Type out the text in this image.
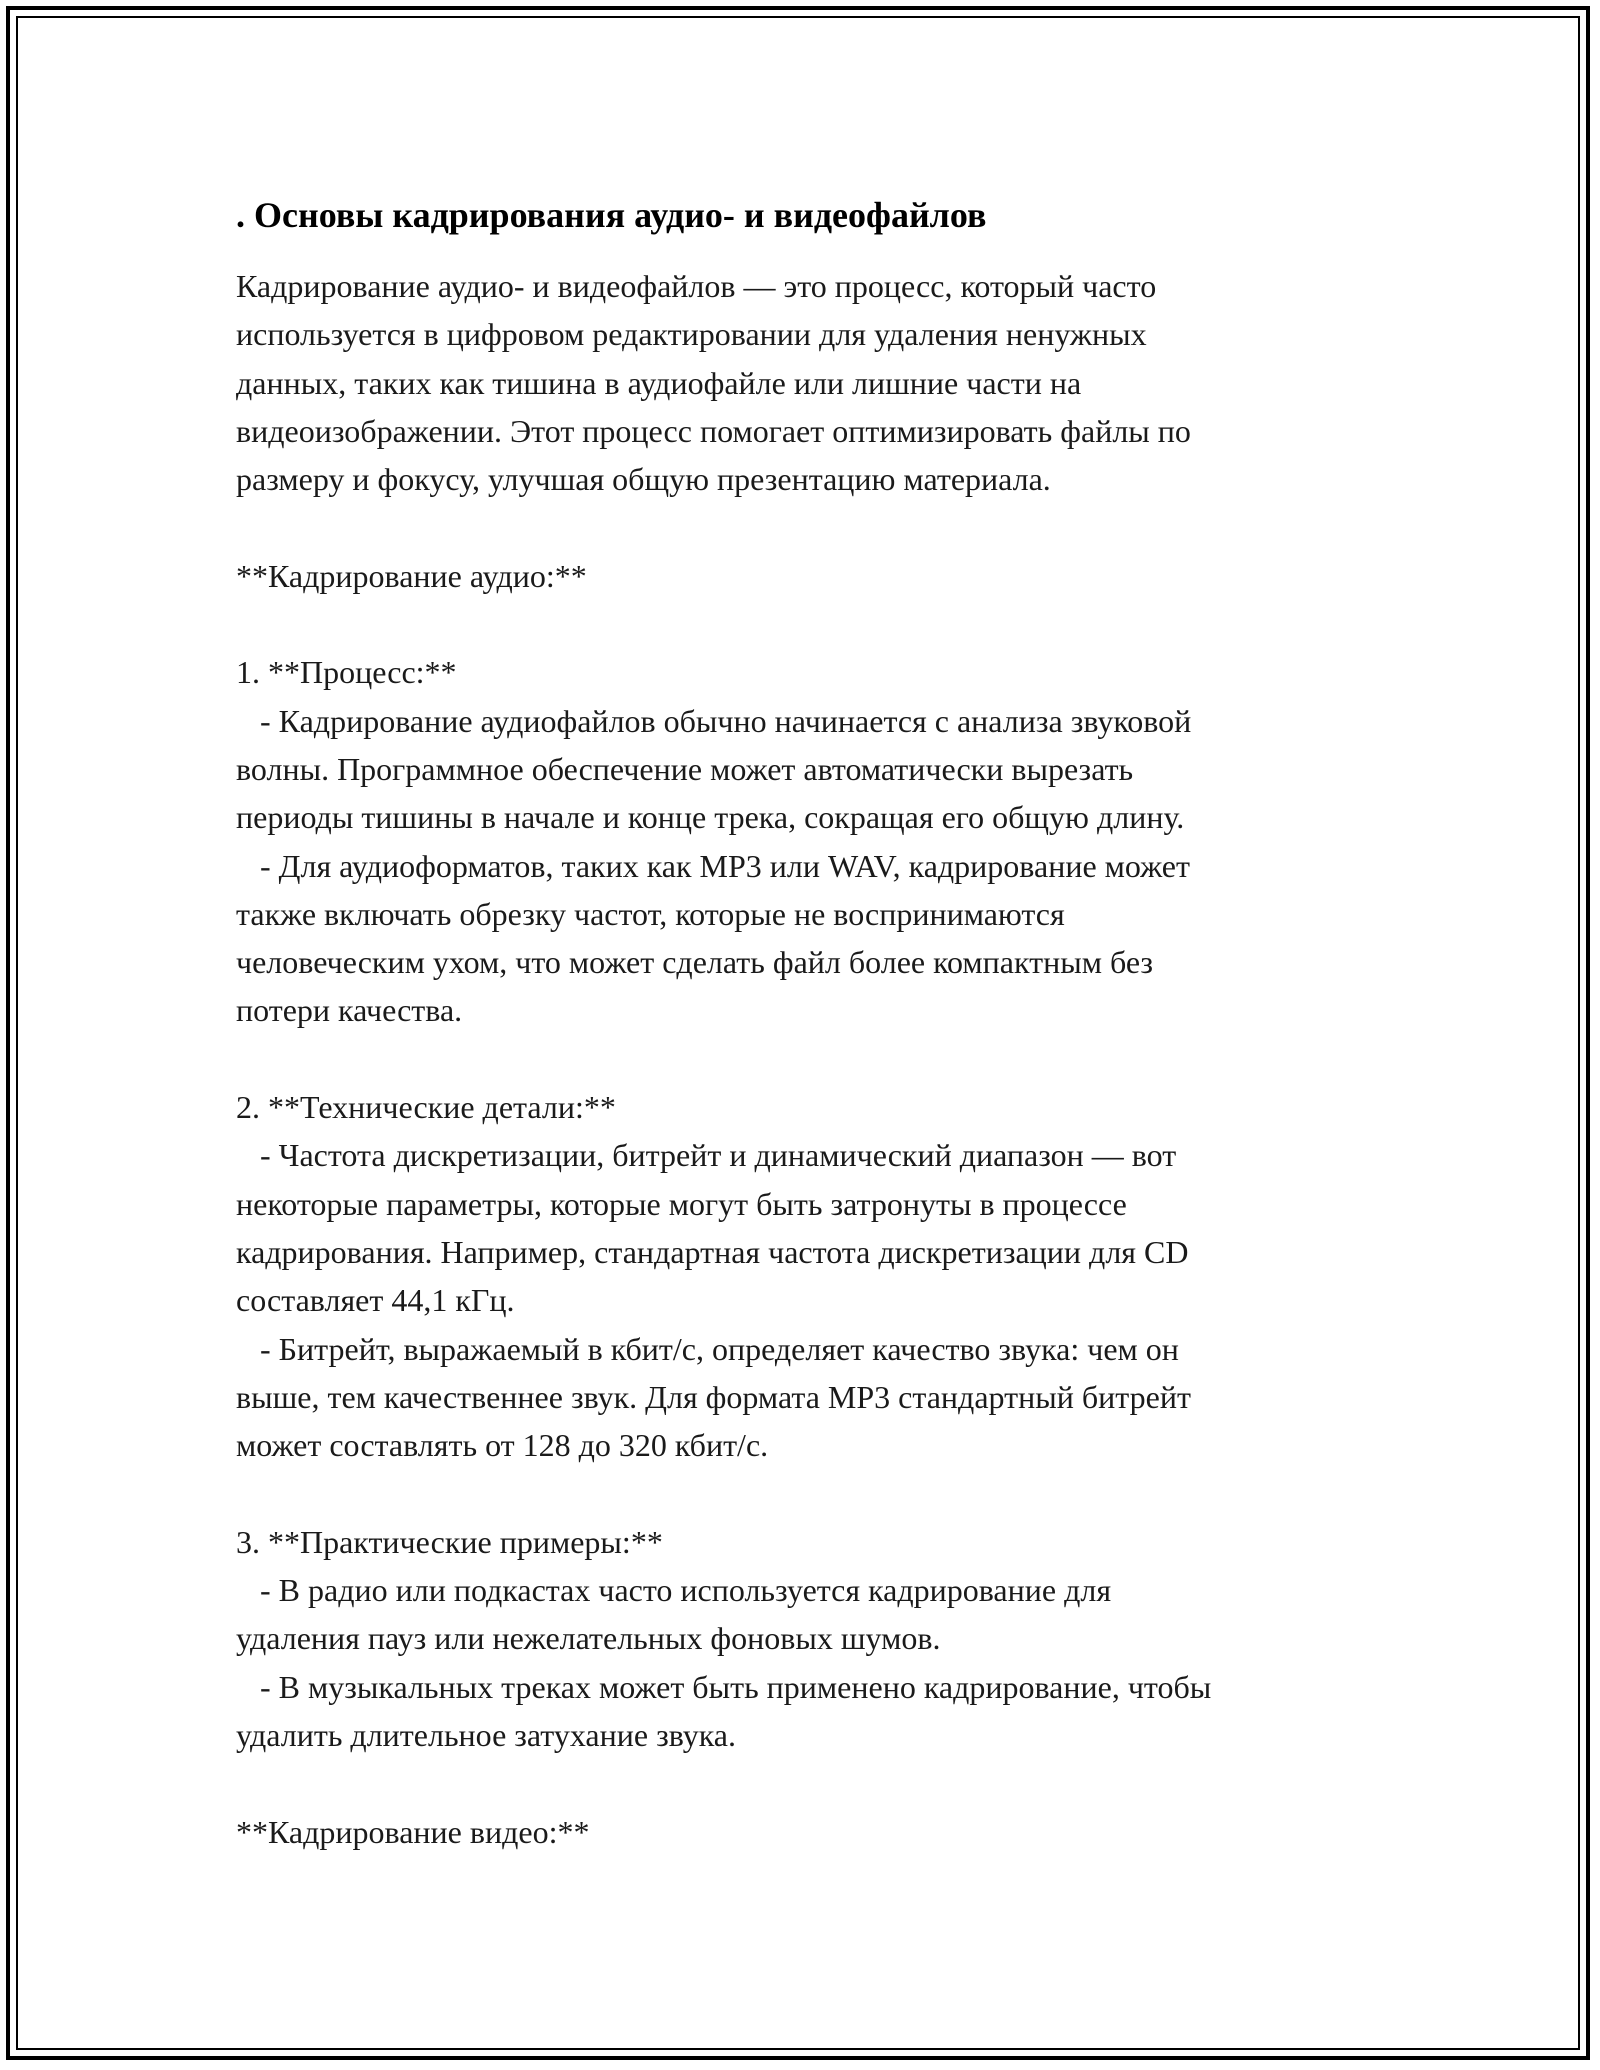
. Основы кадрирования аудио- и видеофайлов
Кадрирование аудио- и видеофайлов — это процесс, который часто
используется в цифровом редактировании для удаления ненужных
данных, таких как тишина в аудиофайле или лишние части на
видеоизображении. Этот процесс помогает оптимизировать файлы по
размеру и фокусу, улучшая общую презентацию материала.
**Кадрирование аудио:**
1. **Процесс:**
- Кадрирование аудиофайлов обычно начинается с анализа звуковой
волны. Программное обеспечение может автоматически вырезать
периоды тишины в начале и конце трека, сокращая его общую длину.
- Для аудиоформатов, таких как MP3 или WAV, кадрирование может
также включать обрезку частот, которые не воспринимаются
человеческим ухом, что может сделать файл более компактным без
потери качества.
2. **Технические детали:**
- Частота дискретизации, битрейт и динамический диапазон — вот
некоторые параметры, которые могут быть затронуты в процессе
кадрирования. Например, стандартная частота дискретизации для CD
составляет 44,1 кГц.
- Битрейт, выражаемый в кбит/с, определяет качество звука: чем он
выше, тем качественнее звук. Для формата MP3 стандартный битрейт
может составлять от 128 до 320 кбит/с.
3. **Практические примеры:**
- В радио или подкастах часто используется кадрирование для
удаления пауз или нежелательных фоновых шумов.
- В музыкальных треках может быть применено кадрирование, чтобы
удалить длительное затухание звука.
**Кадрирование видео:**
